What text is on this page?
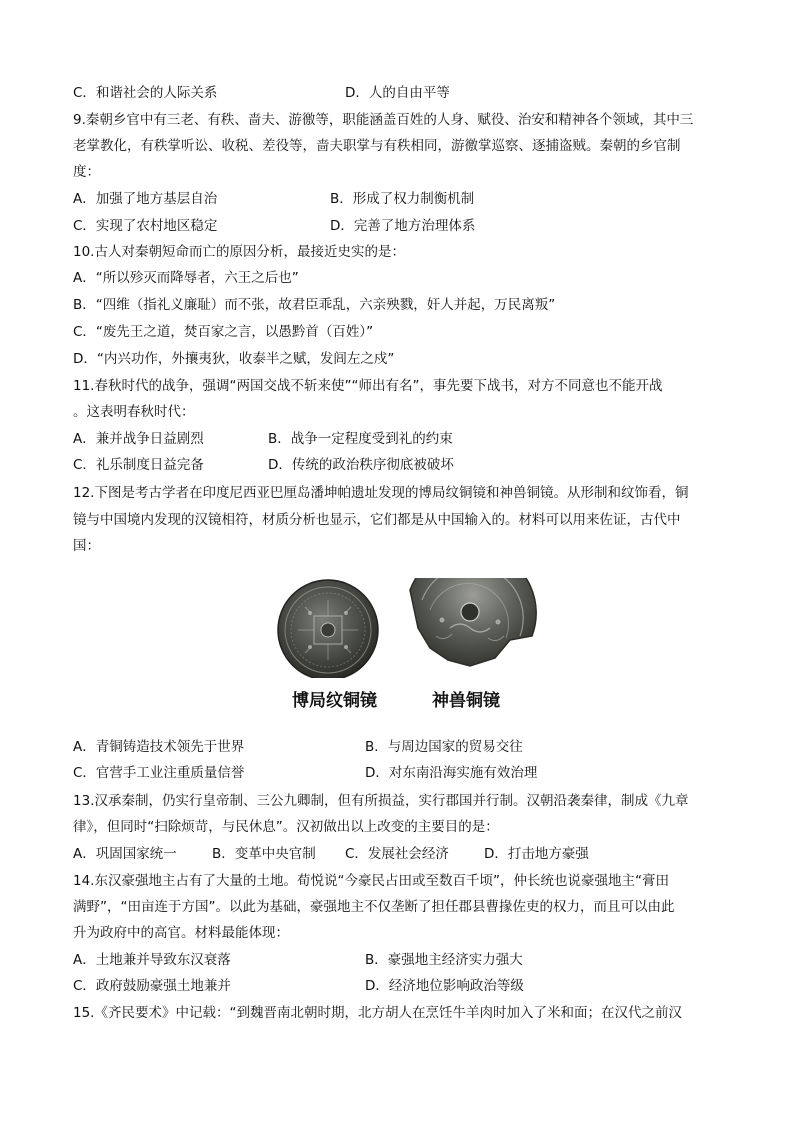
C．和谐社会的人际关系	D．人的自由平等
9.秦朝乡官中有三老、有秩、啬夫、游徼等，职能涵盖百姓的人身、赋役、治安和精神各个领域，其中三
老掌教化，有秩掌听讼、收税、差役等，啬夫职掌与有秩相同，游徼掌巡察、逐捕盗贼。秦朝的乡官制
度：
A．加强了地方基层自治	B．形成了权力制衡机制
C．实现了农村地区稳定	D．完善了地方治理体系
10.古人对秦朝短命而亡的原因分析，最接近史实的是：
A．“所以殄灭而降辱者，六王之后也”
B．“四维（指礼义廉耻）而不张，故君臣乖乱，六亲殃戮，奸人并起，万民离叛”
C．“废先王之道，焚百家之言，以愚黔首（百姓）”
D．“内兴功作，外攘夷狄，收泰半之赋，发闾左之戍”
11.春秋时代的战争，强调“两国交战不斩来使”“师出有名”，事先要下战书，对方不同意也不能开战
。这表明春秋时代：
A．兼并战争日益剧烈	B．战争一定程度受到礼的约束
C．礼乐制度日益完备	D．传统的政治秩序彻底被破坏
12.下图是考古学者在印度尼西亚巴厘岛潘坤帕遗址发现的博局纹铜镜和神兽铜镜。从形制和纹饰看，铜
镜与中国境内发现的汉镜相符，材质分析也显示，它们都是从中国输入的。材料可以用来佐证，古代中
国：
博局纹铜镜	神兽铜镜
A．青铜铸造技术领先于世界	B．与周边国家的贸易交往
C．官营手工业注重质量信誉	D．对东南沿海实施有效治理
13.汉承秦制，仍实行皇帝制、三公九卿制，但有所损益，实行郡国并行制。汉朝沿袭秦律，制成《九章
律》，但同时“扫除烦苛，与民休息”。汉初做出以上改变的主要目的是：
A．巩固国家统一	B．变革中央官制 C．发展社会经济	D．打击地方豪强
14.东汉豪强地主占有了大量的土地。荀悦说“今豪民占田或至数百千顷”，仲长统也说豪强地主“膏田
满野”，“田亩连于方国”。以此为基础，豪强地主不仅垄断了担任郡县曹掾佐吏的权力，而且可以由此
升为政府中的高官。材料最能体现：
A．土地兼并导致东汉衰落	B．豪强地主经济实力强大
C．政府鼓励豪强土地兼并	D．经济地位影响政治等级
15.《齐民要术》中记载：“到魏晋南北朝时期，北方胡人在烹饪牛羊肉时加入了米和面；在汉代之前汉
